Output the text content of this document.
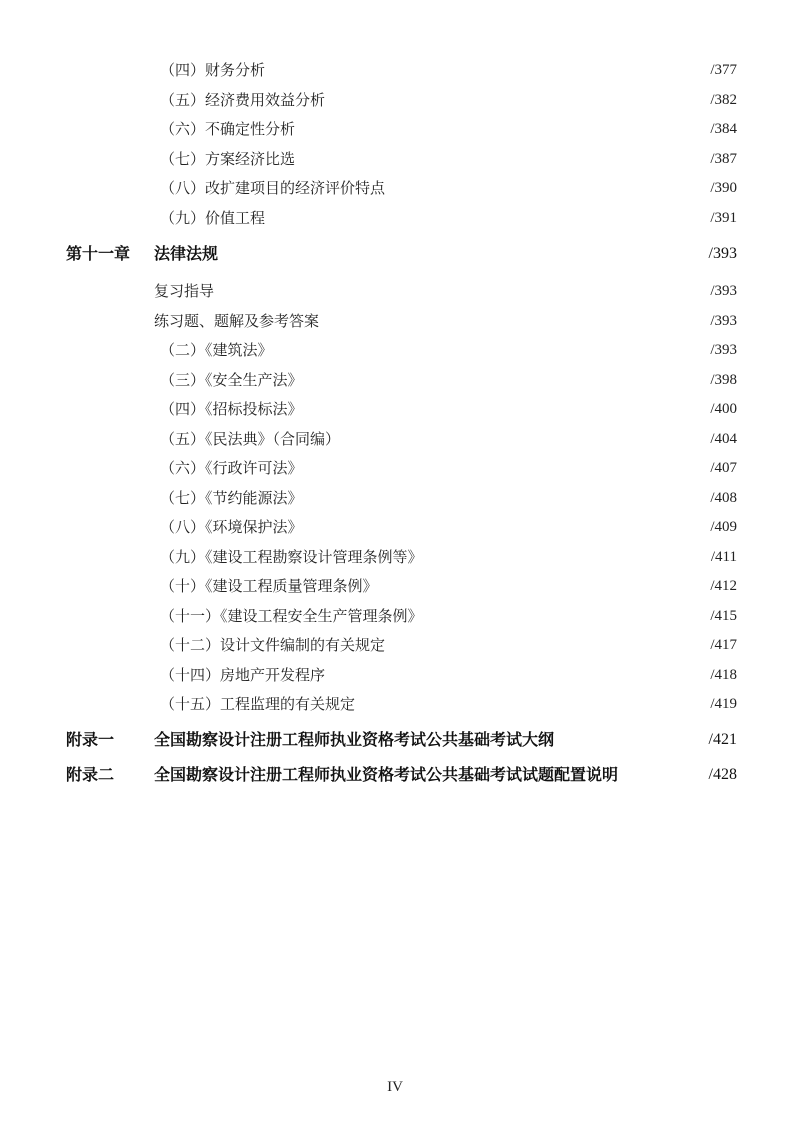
（四）财务分析	/377
（五）经济费用效益分析	/382
（六）不确定性分析	/384
（七）方案经济比选	/387
（八）改扩建项目的经济评价特点	/390
（九）价值工程	/391
第十一章 法律法规	/393
复习指导	/393
练习题、题解及参考答案	/393
（二）《建筑法》	/393
（三）《安全生产法》	/398
（四）《招标投标法》	/400
（五）《民法典》（合同编）	/404
（六）《行政许可法》	/407
（七）《节约能源法》	/408
（八）《环境保护法》	/409
（九）《建设工程勘察设计管理条例等》	/411
（十）《建设工程质量管理条例》	/412
（十一）《建设工程安全生产管理条例》	/415
（十二）设计文件编制的有关规定	/417
（十四）房地产开发程序	/418
（十五）工程监理的有关规定	/419
附录一 全国勘察设计注册工程师执业资格考试公共基础考试大纲	/421
附录二 全国勘察设计注册工程师执业资格考试公共基础考试试题配置说明	/428
IV
